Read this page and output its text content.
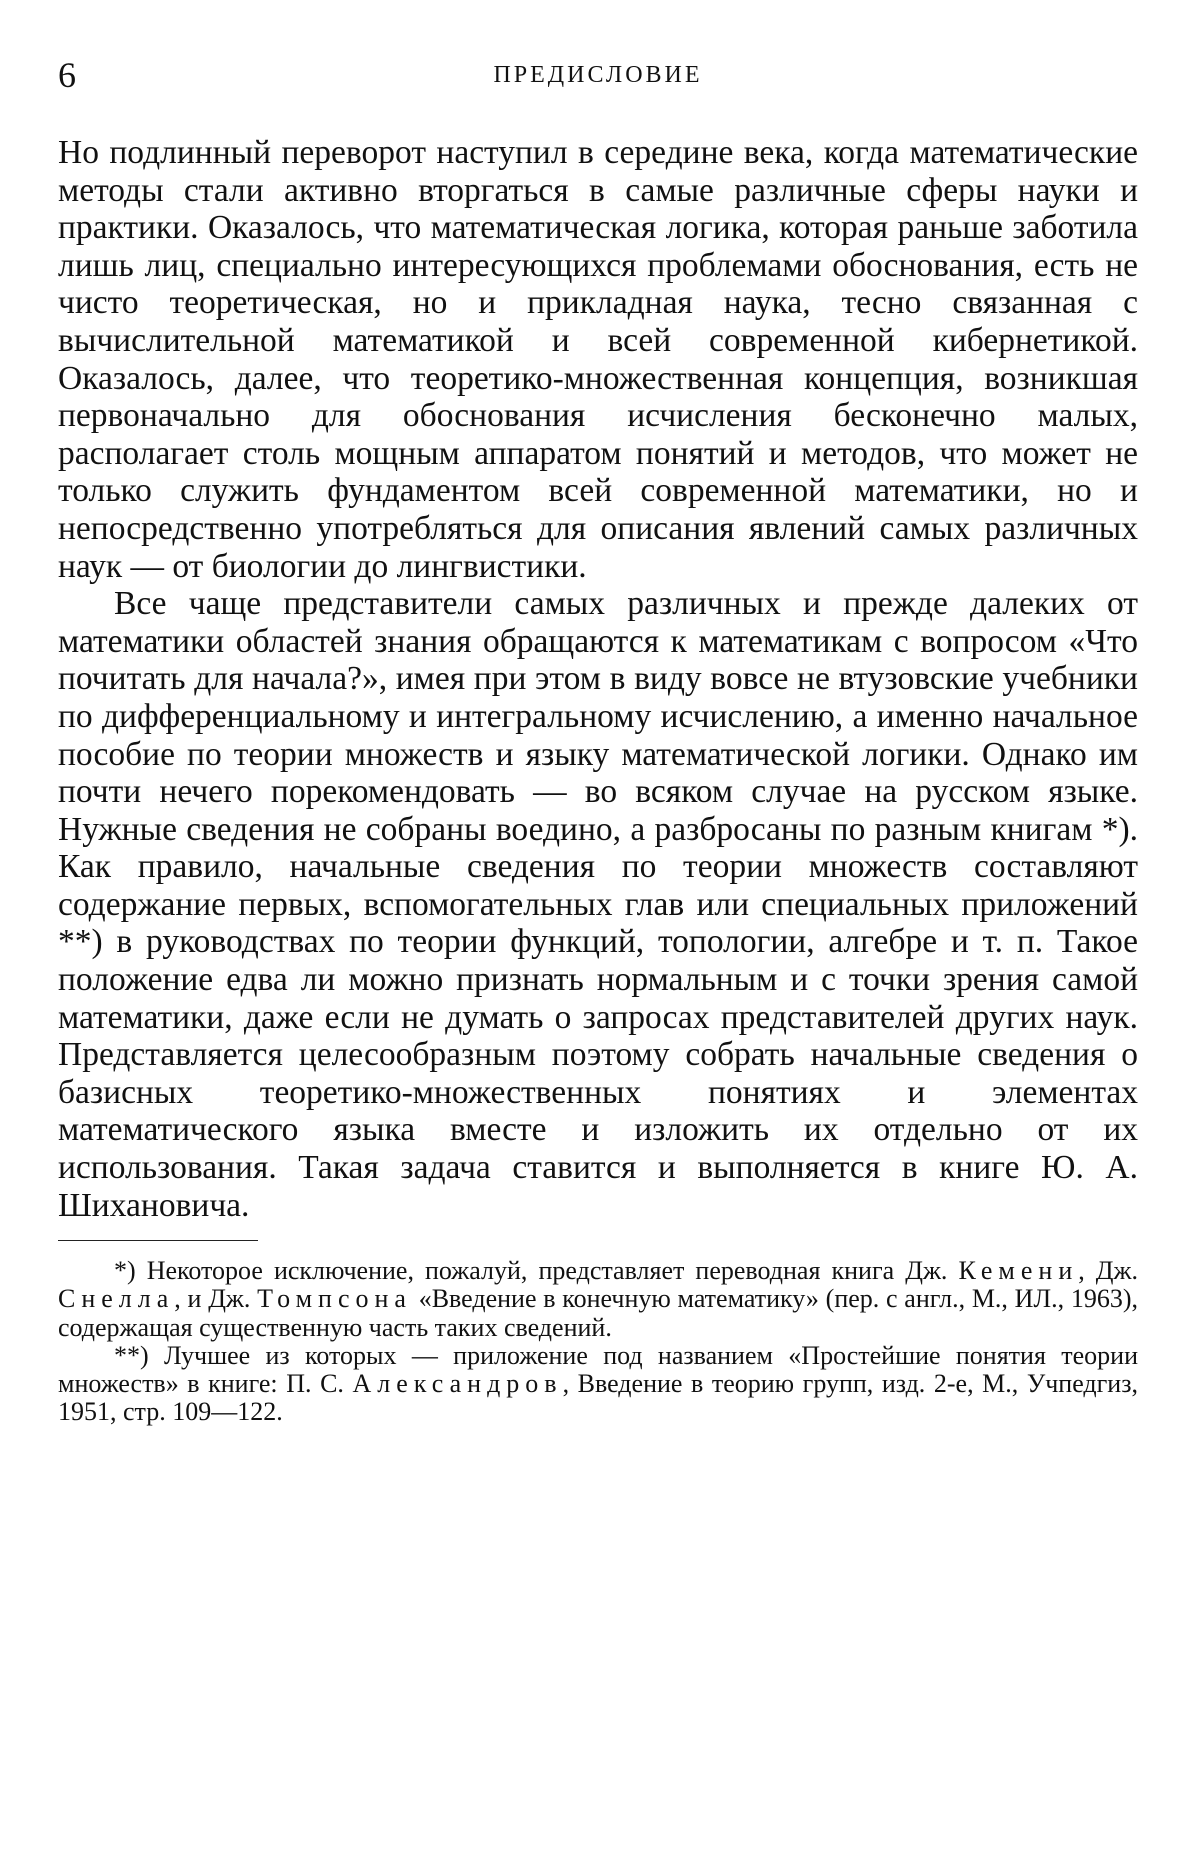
6	ПРЕДИСЛОВИЕ

Но подлинный переворот наступил в середине века, когда математические методы стали активно вторгаться в самые различные сферы науки и практики. Оказалось, что математическая логика, которая раньше заботила лишь лиц, специально интересующихся проблемами обоснования, есть не чисто теоретическая, но и прикладная наука, тесно связанная с вычислительной математикой и всей современной кибернетикой. Оказалось, далее, что теоретико-множественная концепция, возникшая первоначально для обоснования исчисления бесконечно малых, располагает столь мощным аппаратом понятий и методов, что может не только служить фундаментом всей современной математики, но и непосредственно употребляться для описания явлений самых различных наук — от биологии до лингвистики.

Все чаще представители самых различных и прежде далеких от математики областей знания обращаются к математикам с вопросом «Что почитать для начала?», имея при этом в виду вовсе не втузовские учебники по дифференциальному и интегральному исчислению, а именно начальное пособие по теории множеств и языку математической логики. Однако им почти нечего порекомендовать — во всяком случае на русском языке. Нужные сведения не собраны воедино, а разбросаны по разным книгам *). Как правило, начальные сведения по теории множеств составляют содержание первых, вспомогательных глав или специальных приложений **) в руководствах по теории функций, топологии, алгебре и т. п. Такое положение едва ли можно признать нормальным и с точки зрения самой математики, даже если не думать о запросах представителей других наук. Представляется целесообразным поэтому собрать начальные сведения о базисных теоретико-множественных понятиях и элементах математического языка вместе и изложить их отдельно от их использования. Такая задача ставится и выполняется в книге Ю. А. Шихановича.

*) Некоторое исключение, пожалуй, представляет переводная книга Дж. Кемени, Дж. Снелла, и Дж. Томпсона «Введение в конечную математику» (пер. с англ., М., ИЛ., 1963), содержащая существенную часть таких сведений.

**) Лучшее из которых — приложение под названием «Простейшие понятия теории множеств» в книге: П. С. Александров, Введение в теорию групп, изд. 2-е, М., Учпедгиз, 1951, стр. 109—122.
